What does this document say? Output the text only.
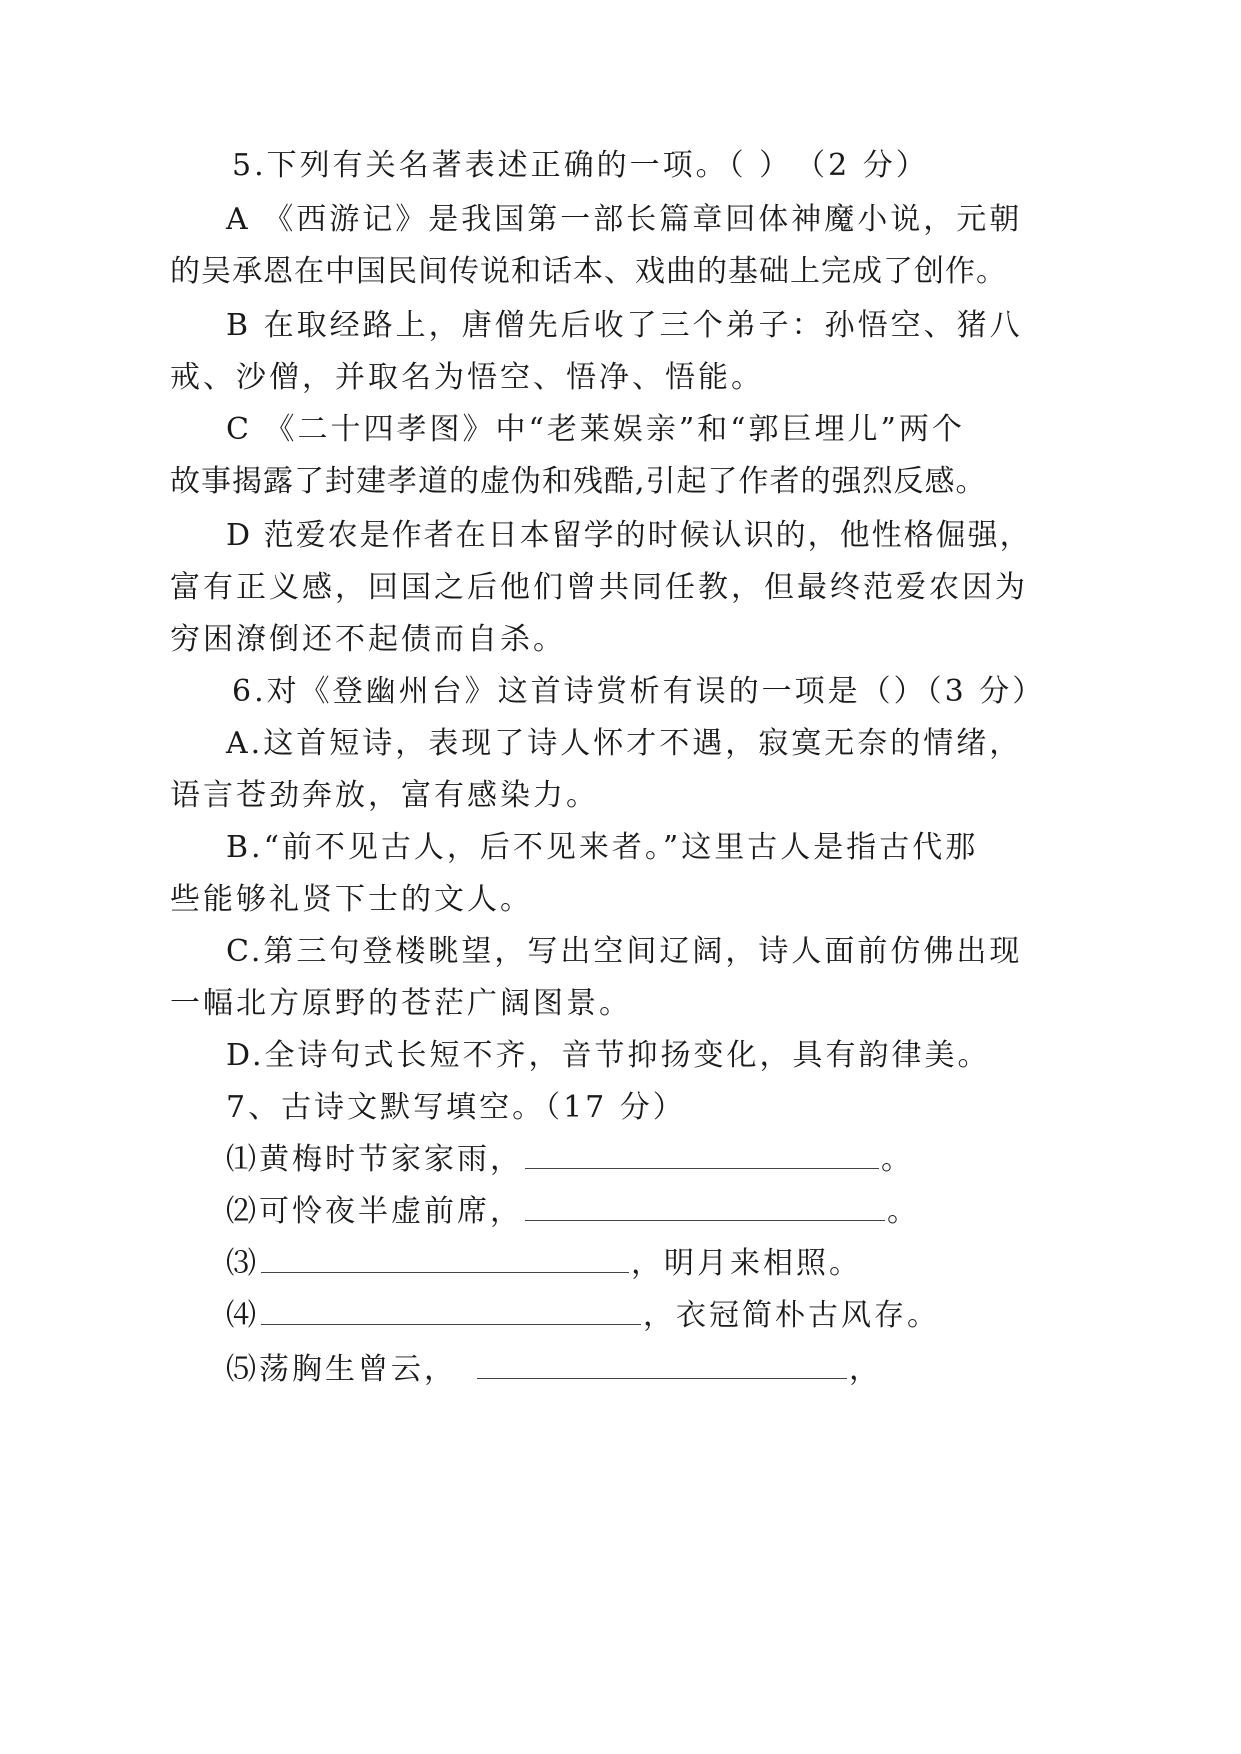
5.下列有关名著表述正确的一项。（ ）　（2 分）
A 《西游记》是我国第一部长篇章回体神魔小说，元朝
的吴承恩在中国民间传说和话本、戏曲的基础上完成了创作。
B 在取经路上，唐僧先后收了三个弟子：孙悟空、猪八
戒、沙僧，并取名为悟空、悟净、悟能。
C 《二十四孝图》中“老莱娱亲”和“郭巨埋儿”两个
故事揭露了封建孝道的虚伪和残酷,引起了作者的强烈反感。
D 范爱农是作者在日本留学的时候认识的，他性格倔强，
富有正义感，回国之后他们曾共同任教，但最终范爱农因为
穷困潦倒还不起债而自杀。
6.对《登幽州台》这首诗赏析有误的一项是（）（3 分）
A.这首短诗，表现了诗人怀才不遇，寂寞无奈的情绪，
语言苍劲奔放，富有感染力。
B.“前不见古人，后不见来者。”这里古人是指古代那
些能够礼贤下士的文人。
C.第三句登楼眺望，写出空间辽阔，诗人面前仿佛出现
一幅北方原野的苍茫广阔图景。
D.全诗句式长短不齐，音节抑扬变化，具有韵律美。
7、古诗文默写填空。（17 分）
⑴黄梅时节家家雨，	。
⑵可怜夜半虚前席，	。
⑶	，明月来相照。
⑷	，衣冠简朴古风存。
⑸荡胸生曾云，	，
